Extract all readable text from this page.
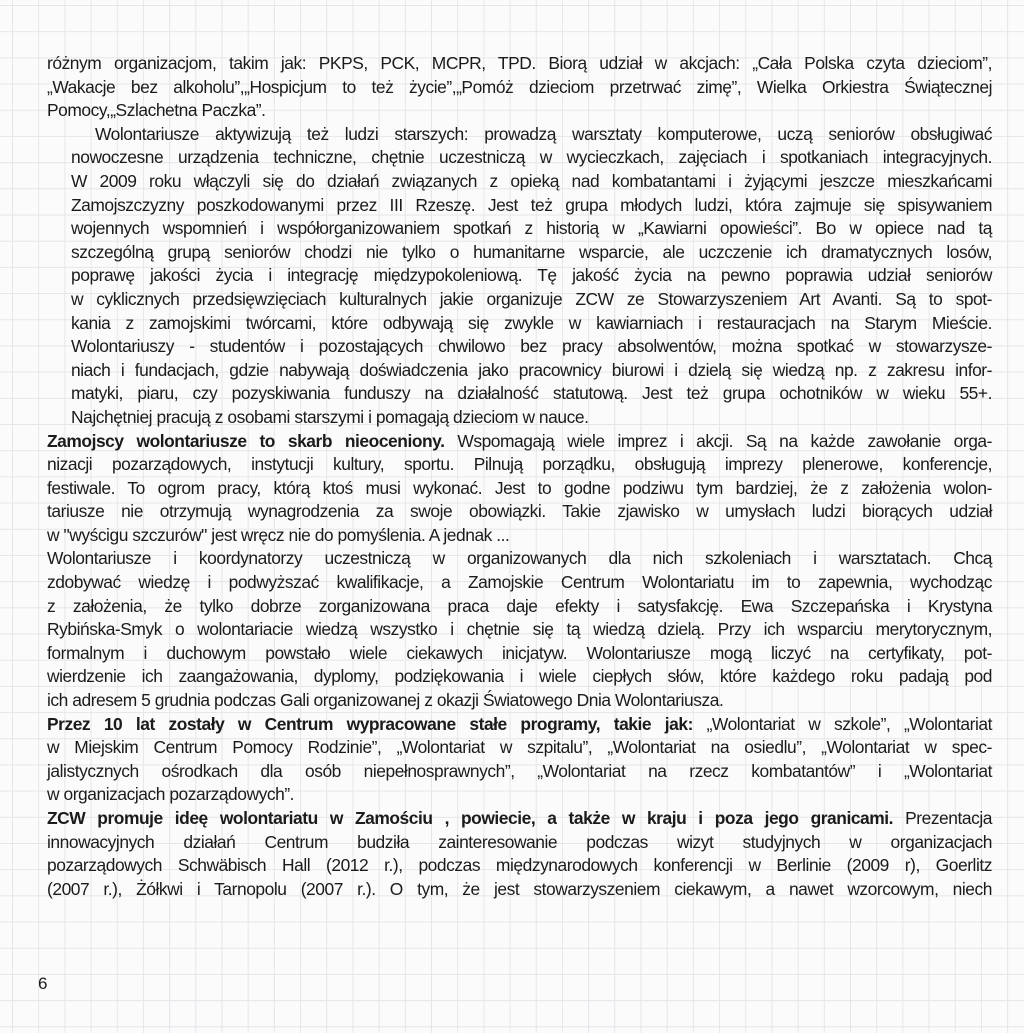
różnym organizacjom, takim jak: PKPS, PCK, MCPR, TPD. Biorą udział w akcjach: „Cała Polska czyta dzieciom”,
„Wakacje bez alkoholu”,„Hospicjum to też życie”,„Pomóż dzieciom przetrwać zimę”, Wielka Orkiestra Świątecznej
Pomocy,„Szlachetna Paczka”.

Wolontariusze aktywizują też ludzi starszych: prowadzą warsztaty komputerowe, uczą seniorów obsługiwać
nowoczesne urządzenia techniczne, chętnie uczestniczą w wycieczkach, zajęciach i spotkaniach integracyjnych.
W 2009 roku włączyli się do działań związanych z opieką nad kombatantami i żyjącymi jeszcze mieszkańcami
Zamojszczyzny poszkodowanymi przez III Rzeszę. Jest też grupa młodych ludzi, która zajmuje się spisywaniem
wojennych wspomnień i współorganizowaniem spotkań z historią w „Kawiarni opowieści”. Bo w opiece nad tą
szczególną grupą seniorów chodzi nie tylko o humanitarne wsparcie, ale uczczenie ich dramatycznych losów,
poprawę jakości życia i integrację międzypokoleniową. Tę jakość życia na pewno poprawia udział seniorów
w cyklicznych przedsięwzięciach kulturalnych jakie organizuje ZCW ze Stowarzyszeniem Art Avanti. Są to spot-
kania z zamojskimi twórcami, które odbywają się zwykle w kawiarniach i restauracjach na Starym Mieście.
Wolontariuszy - studentów i pozostających chwilowo bez pracy absolwentów, można spotkać w stowarzysze-
niach i fundacjach, gdzie nabywają doświadczenia jako pracownicy biurowi i dzielą się wiedzą np. z zakresu infor-
matyki, piaru, czy pozyskiwania funduszy na działalność statutową. Jest też grupa ochotników w wieku 55+.
Najchętniej pracują z osobami starszymi i pomagają dzieciom w nauce.

Zamojscy wolontariusze to skarb nieoceniony. Wspomagają wiele imprez i akcji. Są na każde zawołanie orga-
nizacji pozarządowych, instytucji kultury, sportu. Pilnują porządku, obsługują imprezy plenerowe, konferencje,
festiwale. To ogrom pracy, którą ktoś musi wykonać. Jest to godne podziwu tym bardziej, że z założenia wolon-
tariusze nie otrzymują wynagrodzenia za swoje obowiązki. Takie zjawisko w umysłach ludzi biorących udział
w "wyścigu szczurów" jest wręcz nie do pomyślenia. A jednak ...

Wolontariusze i koordynatorzy uczestniczą w organizowanych dla nich szkoleniach i warsztatach. Chcą
zdobywać wiedzę i podwyższać kwalifikacje, a Zamojskie Centrum Wolontariatu im to zapewnia, wychodząc
z założenia, że tylko dobrze zorganizowana praca daje efekty i satysfakcję. Ewa Szczepańska i Krystyna
Rybińska-Smyk o wolontariacie wiedzą wszystko i chętnie się tą wiedzą dzielą. Przy ich wsparciu merytorycznym,
formalnym i duchowym powstało wiele ciekawych inicjatyw. Wolontariusze mogą liczyć na certyfikaty, pot-
wierdzenie ich zaangażowania, dyplomy, podziękowania i wiele ciepłych słów, które każdego roku padają pod
ich adresem 5 grudnia podczas Gali organizowanej z okazji Światowego Dnia Wolontariusza.

Przez 10 lat zostały w Centrum wypracowane stałe programy, takie jak: „Wolontariat w szkole”, „Wolontariat
w Miejskim Centrum Pomocy Rodzinie”, „Wolontariat w szpitalu”, „Wolontariat na osiedlu”, „Wolontariat w spec-
jalistycznych ośrodkach dla osób niepełnosprawnych”, „Wolontariat na rzecz kombatantów” i „Wolontariat
w organizacjach pozarządowych”.

ZCW promuje ideę wolontariatu w Zamościu , powiecie, a także w kraju i poza jego granicami. Prezentacja
innowacyjnych działań Centrum budziła zainteresowanie podczas wizyt studyjnych w organizacjach
pozarządowych Schwäbisch Hall (2012 r.), podczas międzynarodowych konferencji w Berlinie (2009 r), Goerlitz
(2007 r.), Żółkwi i Tarnopolu (2007 r.). O tym, że jest stowarzyszeniem ciekawym, a nawet wzorcowym, niech

6
